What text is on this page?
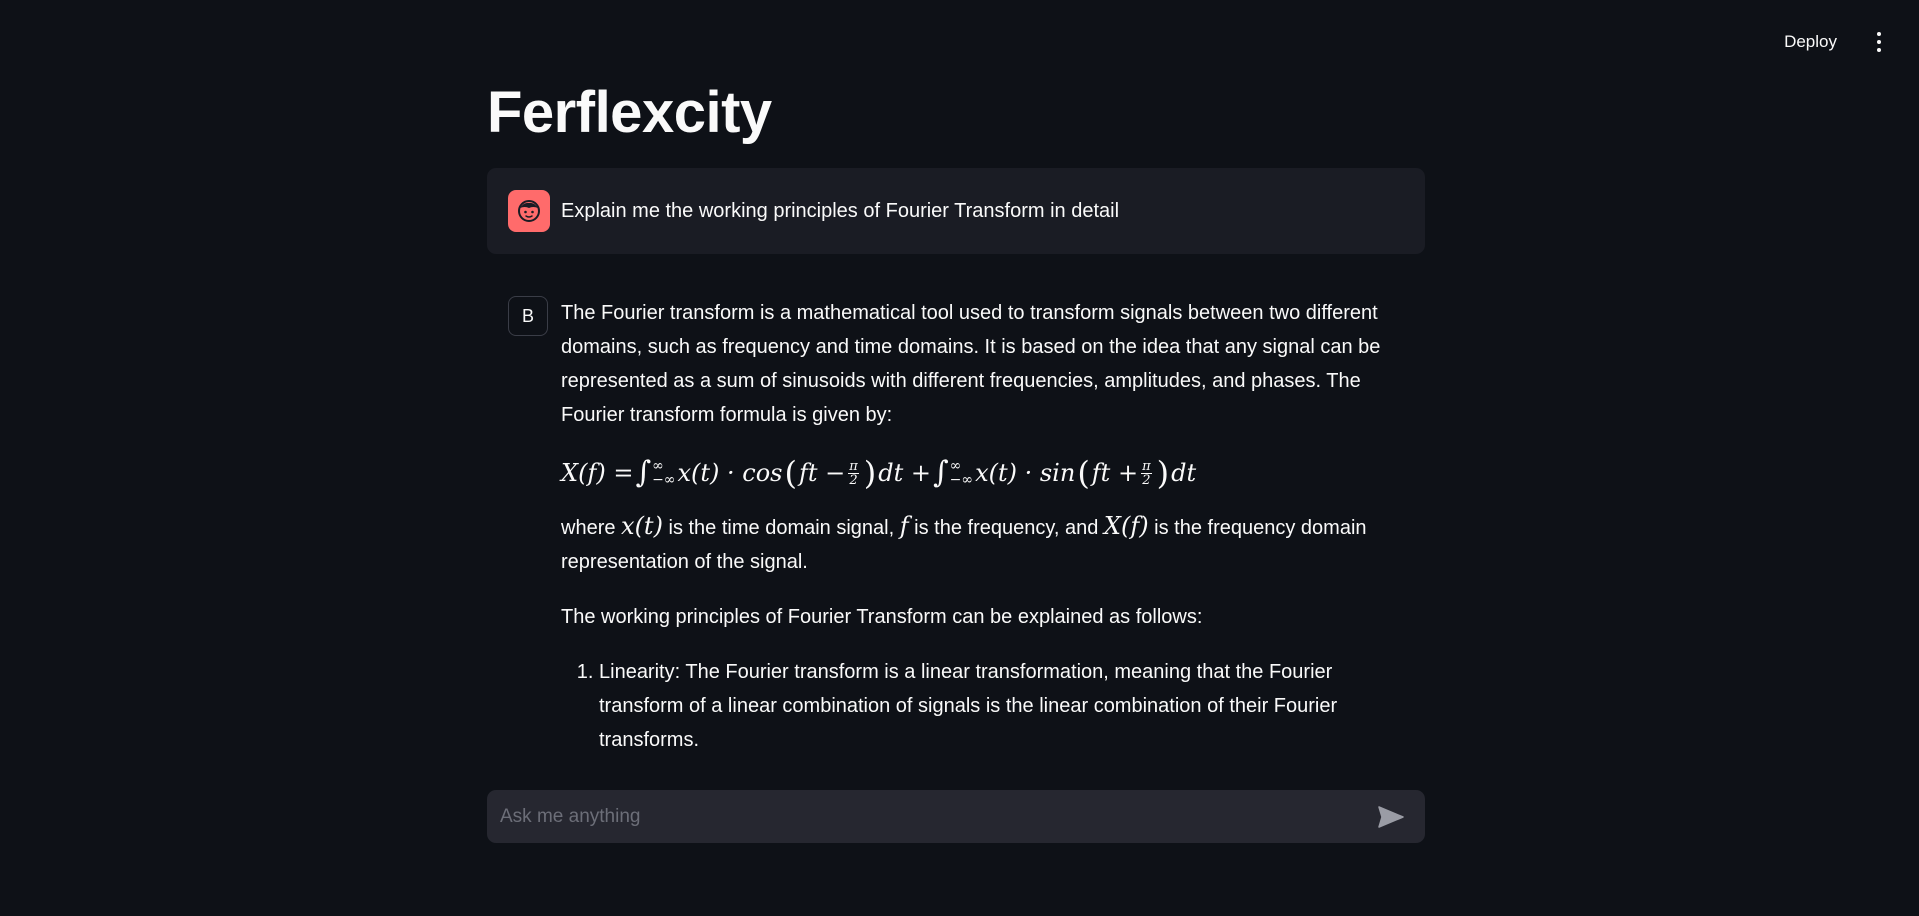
Deploy
Ferflexcity
Explain me the working principles of Fourier Transform in detail
B	The Fourier transform is a mathematical tool used to transform signals between two different domains, such as frequency and time domains. It is based on the idea that any signal can be represented as a sum of sinusoids with different frequencies, amplitudes, and phases. The Fourier transform formula is given by:

X(f) = ∫ ∞
−∞ x(t) · cos ( ft − $\frac{\pi}{2}$ ) dt + ∫ ∞
−∞ x(t) · sin ( ft + $\frac{\pi}{2}$ ) dt

where x(t) is the time domain signal, f is the frequency, and X(f) is the frequency domain representation of the signal.

The working principles of Fourier Transform can be explained as follows:

1. Linearity: The Fourier transform is a linear transformation, meaning that the Fourier transform of a linear combination of signals is the linear combination of their Fourier transforms.
Ask me anything
